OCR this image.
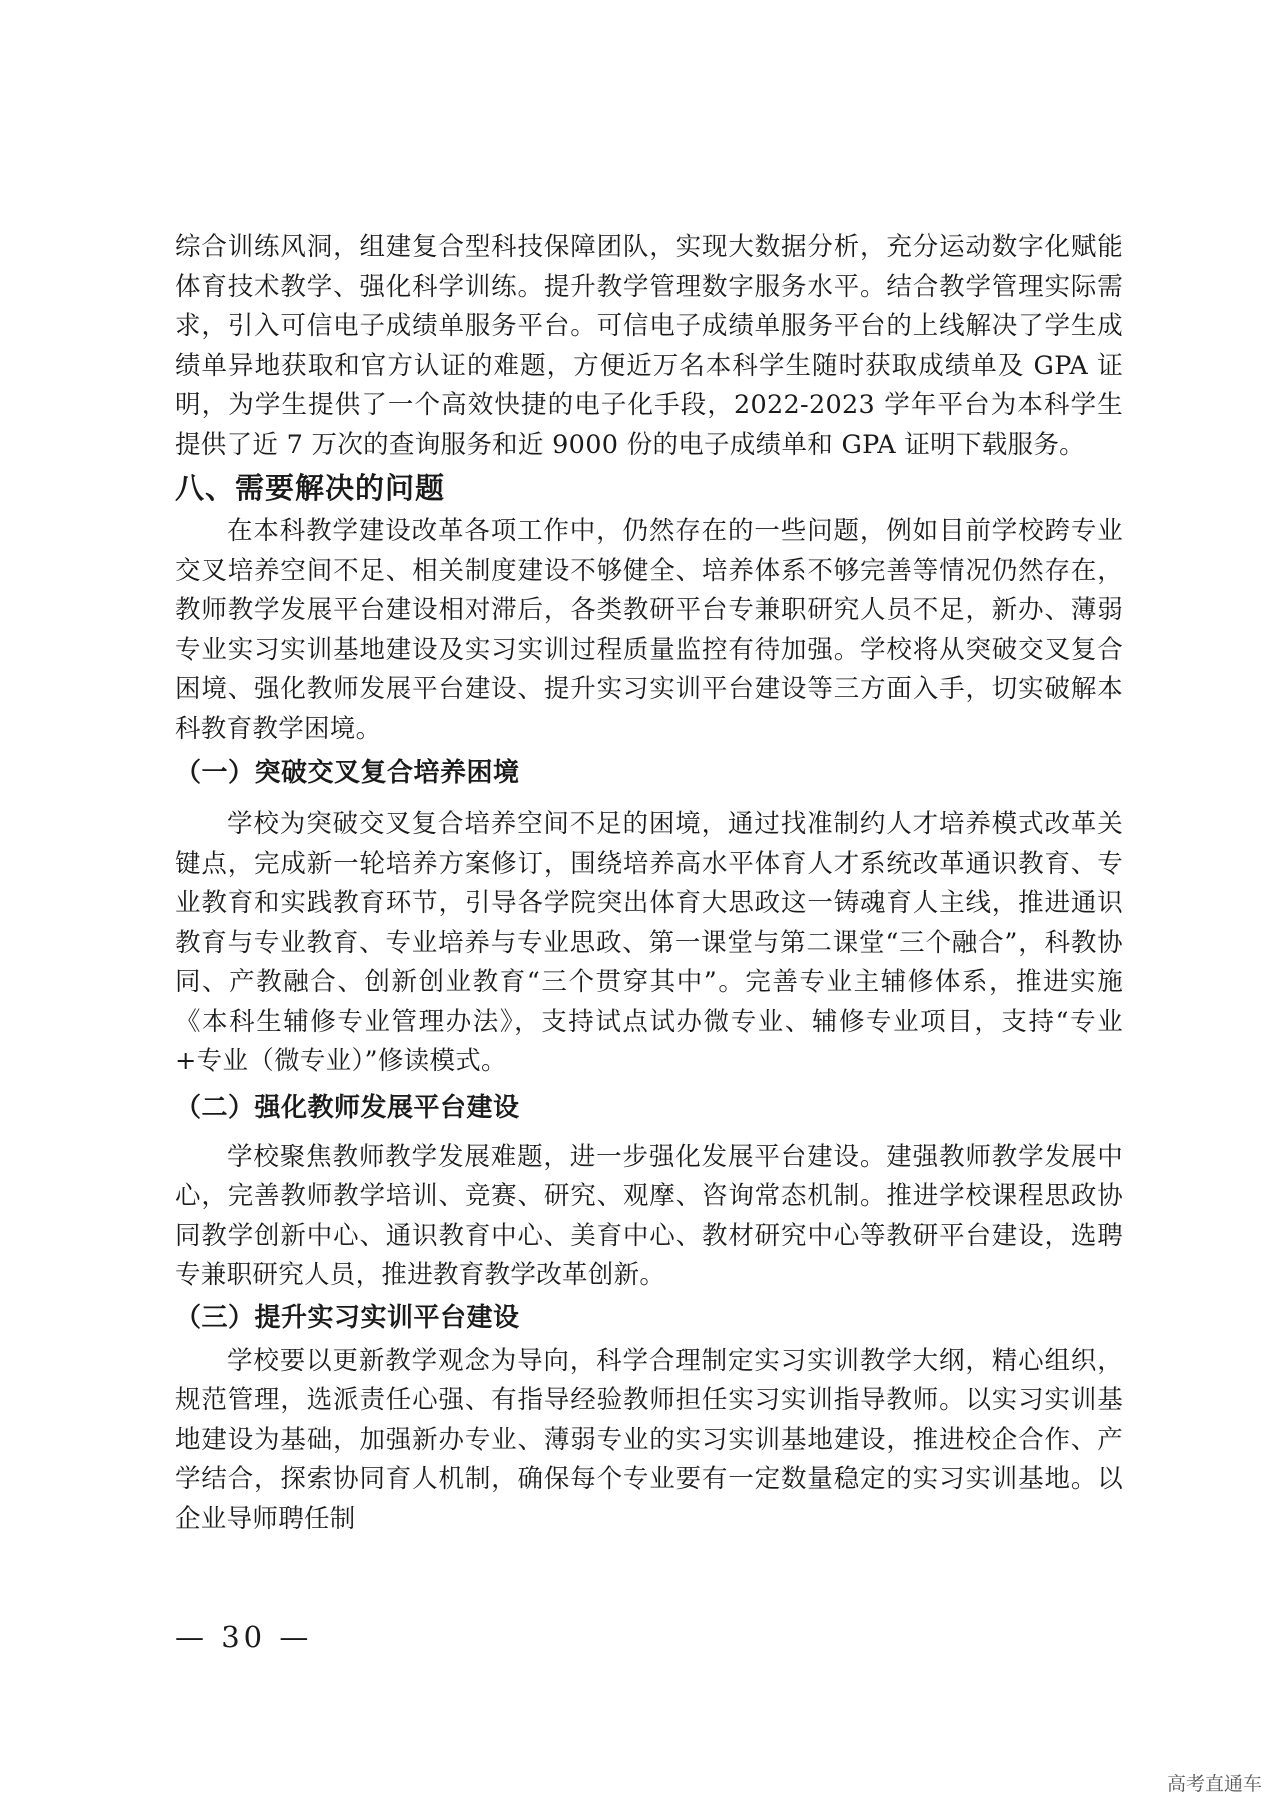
综合训练风洞，组建复合型科技保障团队，实现大数据分析，充分运动数字化赋能体育技术教学、强化科学训练。提升教学管理数字服务水平。结合教学管理实际需求，引入可信电子成绩单服务平台。可信电子成绩单服务平台的上线解决了学生成绩单异地获取和官方认证的难题，方便近万名本科学生随时获取成绩单及 GPA 证明，为学生提供了一个高效快捷的电子化手段，2022-2023 学年平台为本科学生提供了近 7 万次的查询服务和近 9000 份的电子成绩单和 GPA 证明下载服务。

八、需要解决的问题

在本科教学建设改革各项工作中，仍然存在的一些问题，例如目前学校跨专业交叉培养空间不足、相关制度建设不够健全、培养体系不够完善等情况仍然存在，教师教学发展平台建设相对滞后，各类教研平台专兼职研究人员不足，新办、薄弱专业实习实训基地建设及实习实训过程质量监控有待加强。学校将从突破交叉复合困境、强化教师发展平台建设、提升实习实训平台建设等三方面入手，切实破解本科教育教学困境。

（一）突破交叉复合培养困境

学校为突破交叉复合培养空间不足的困境，通过找准制约人才培养模式改革关键点，完成新一轮培养方案修订，围绕培养高水平体育人才系统改革通识教育、专业教育和实践教育环节，引导各学院突出体育大思政这一铸魂育人主线，推进通识教育与专业教育、专业培养与专业思政、第一课堂与第二课堂“三个融合”，科教协同、产教融合、创新创业教育“三个贯穿其中”。完善专业主辅修体系，推进实施《本科生辅修专业管理办法》，支持试点试办微专业、辅修专业项目，支持“专业+专业（微专业）”修读模式。

（二）强化教师发展平台建设

学校聚焦教师教学发展难题，进一步强化发展平台建设。建强教师教学发展中心，完善教师教学培训、竞赛、研究、观摩、咨询常态机制。推进学校课程思政协同教学创新中心、通识教育中心、美育中心、教材研究中心等教研平台建设，选聘专兼职研究人员，推进教育教学改革创新。

（三）提升实习实训平台建设

学校要以更新教学观念为导向，科学合理制定实习实训教学大纲，精心组织，规范管理，选派责任心强、有指导经验教师担任实习实训指导教师。以实习实训基地建设为基础，加强新办专业、薄弱专业的实习实训基地建设，推进校企合作、产学结合，探索协同育人机制，确保每个专业要有一定数量稳定的实习实训基地。以企业导师聘任制

— 30 —
高考直通车
